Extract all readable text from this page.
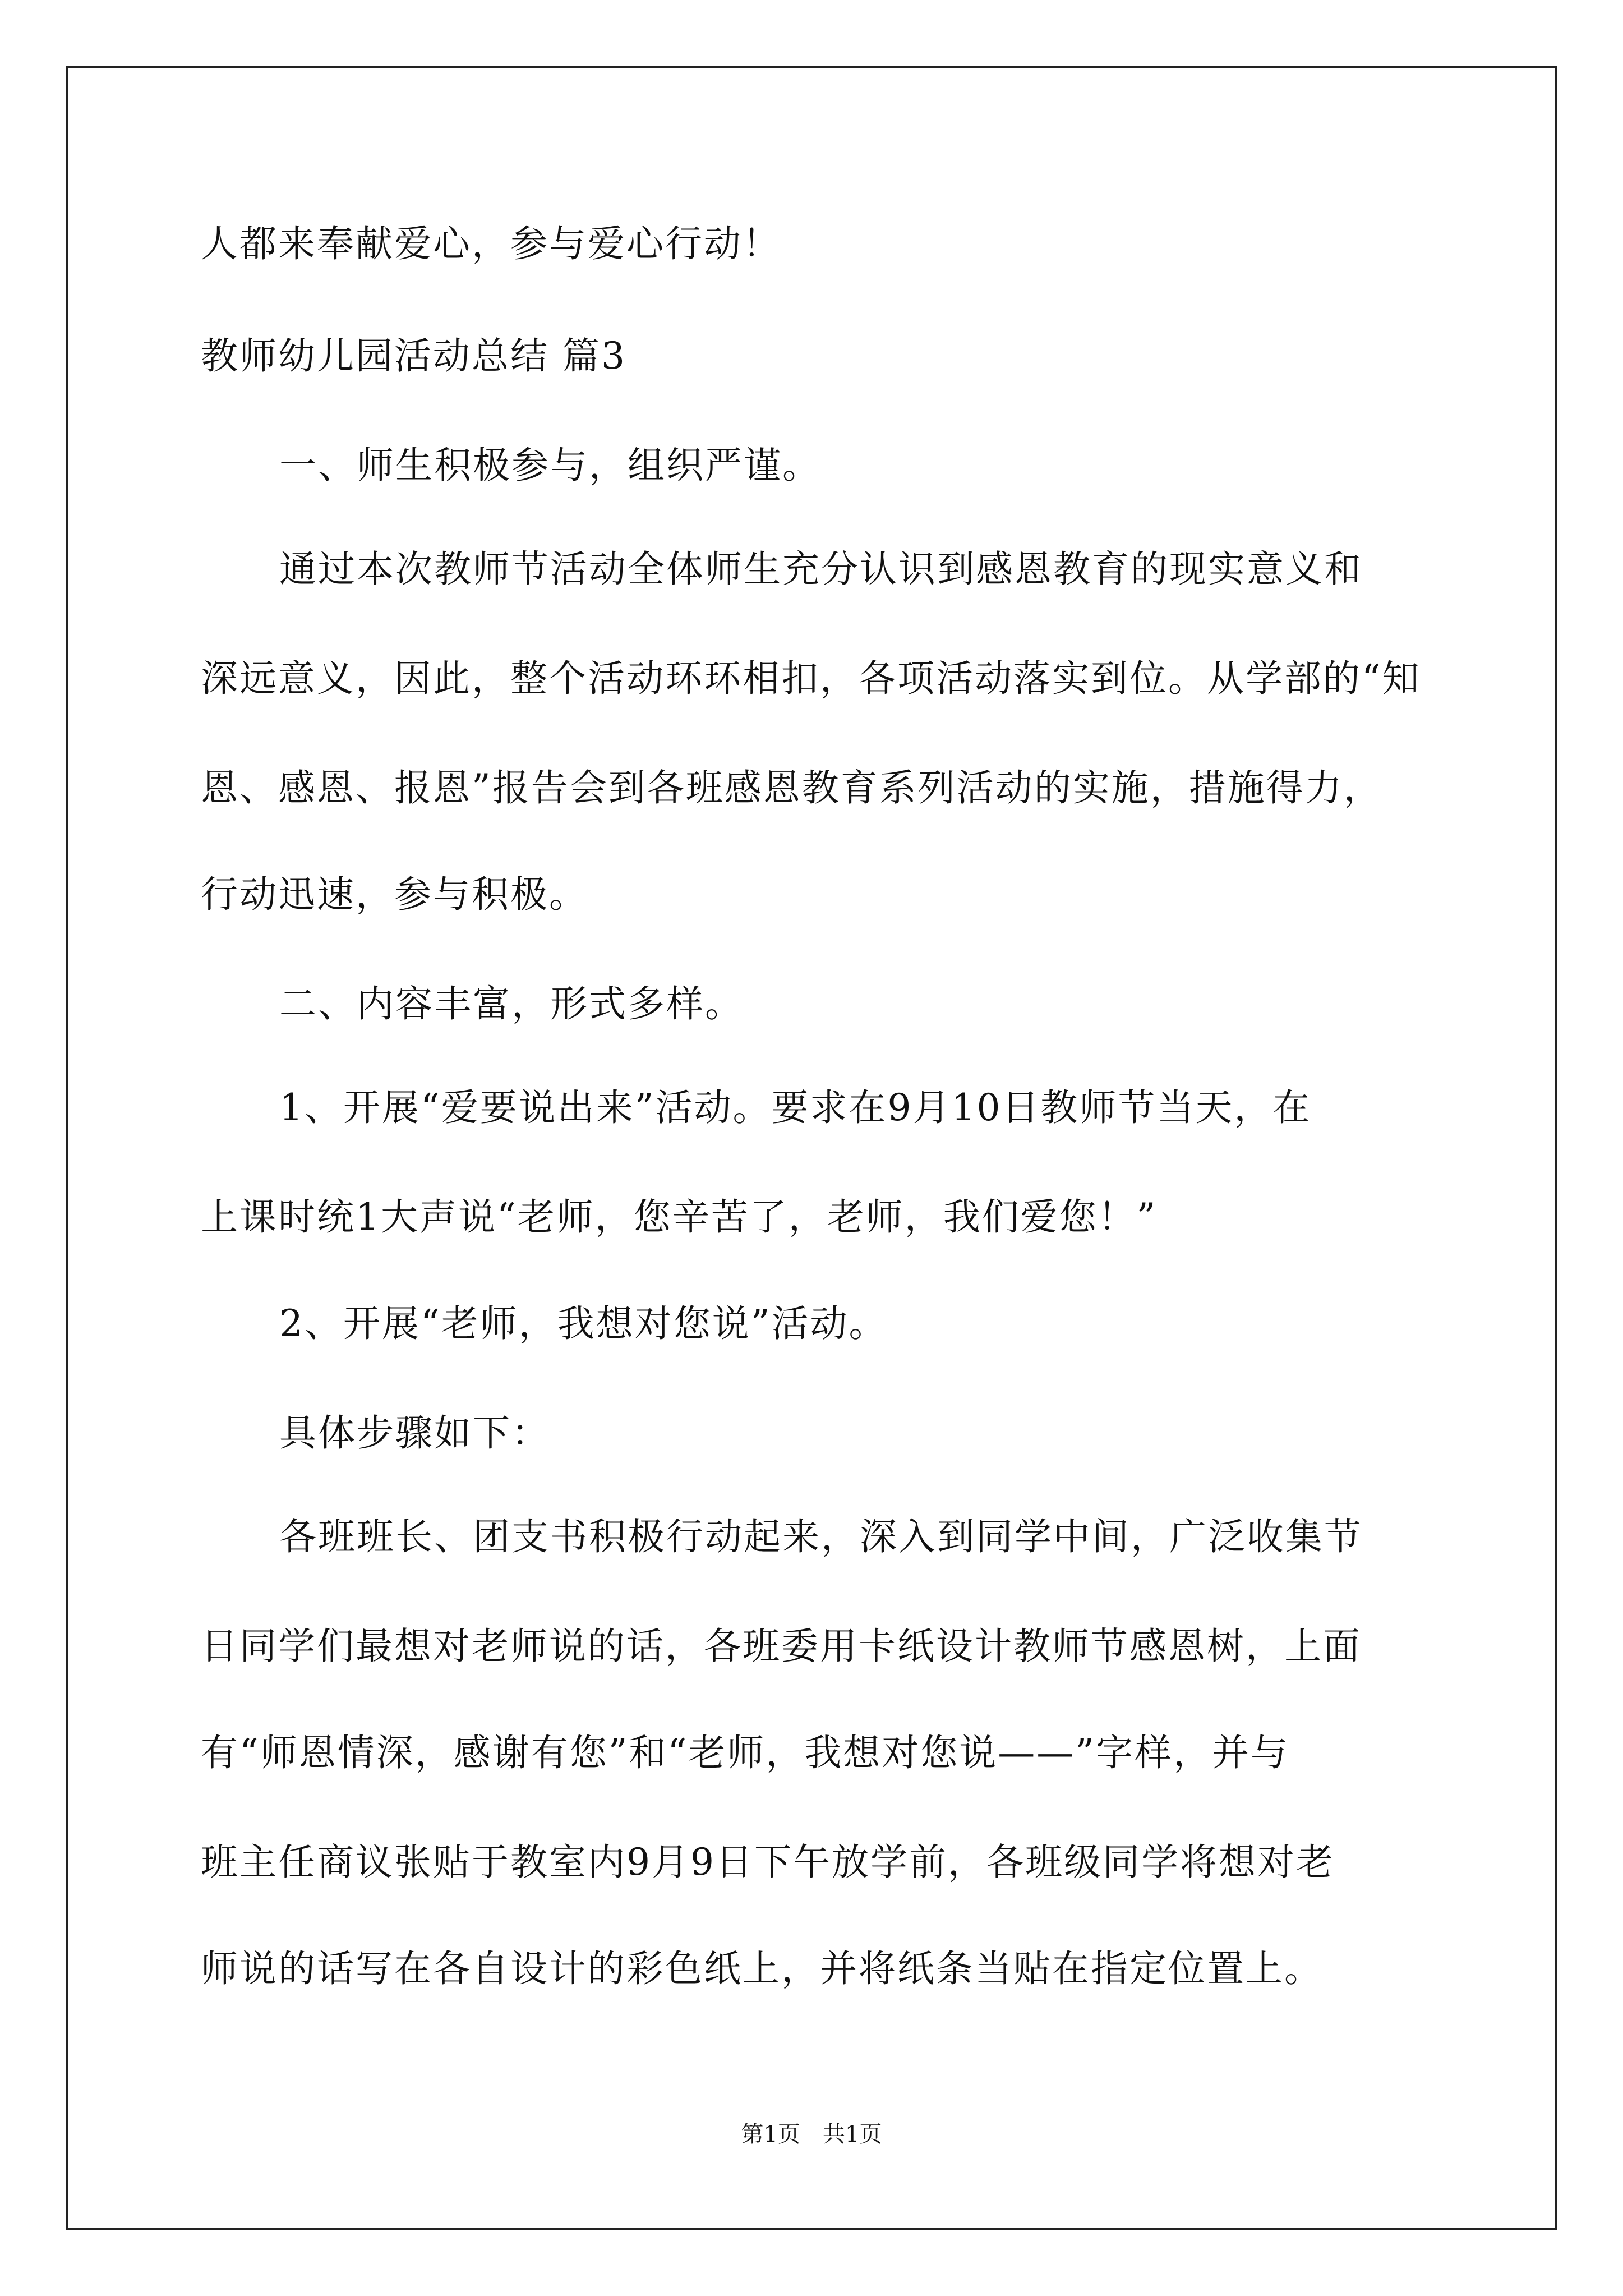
人都来奉献爱心，参与爱心行动！

教师幼儿园活动总结 篇3

一、师生积极参与，组织严谨。

通过本次教师节活动全体师生充分认识到感恩教育的现实意义和

深远意义，因此，整个活动环环相扣，各项活动落实到位。从学部的“知

恩、感恩、报恩”报告会到各班感恩教育系列活动的实施，措施得力，

行动迅速，参与积极。

二、内容丰富，形式多样。

1、开展“爱要说出来”活动。要求在9月10日教师节当天，在

上课时统1大声说“老师，您辛苦了，老师，我们爱您！”

2、开展“老师，我想对您说”活动。

具体步骤如下：

各班班长、团支书积极行动起来，深入到同学中间，广泛收集节

日同学们最想对老师说的话，各班委用卡纸设计教师节感恩树，上面

有“师恩情深，感谢有您”和“老师，我想对您说——”字样，并与

班主任商议张贴于教室内9月9日下午放学前，各班级同学将想对老

师说的话写在各自设计的彩色纸上，并将纸条当贴在指定位置上。

第1页　共1页
